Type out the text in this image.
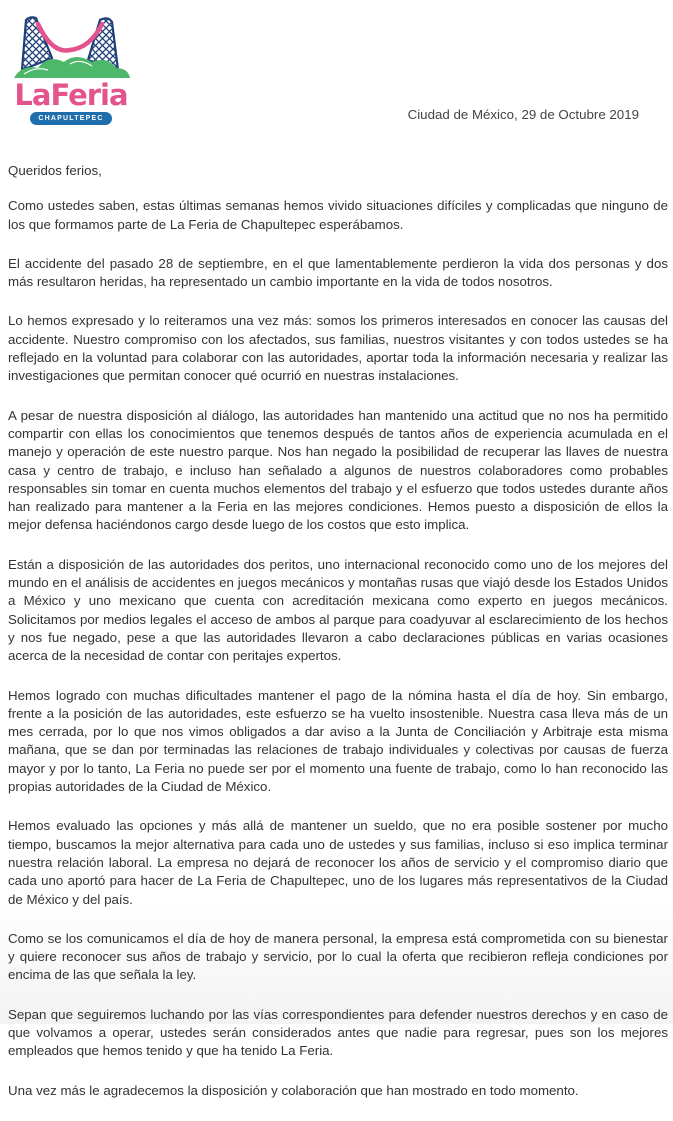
LaFeria
CHAPULTEPEC	Ciudad de México, 29 de Octubre 2019

Queridos ferios,

Como ustedes saben, estas últimas semanas hemos vivido situaciones difíciles y complicadas que ninguno de los que formamos parte de La Feria de Chapultepec esperábamos.

El accidente del pasado 28 de septiembre, en el que lamentablemente perdieron la vida dos personas y dos más resultaron heridas, ha representado un cambio importante en la vida de todos nosotros.

Lo hemos expresado y lo reiteramos una vez más: somos los primeros interesados en conocer las causas del accidente. Nuestro compromiso con los afectados, sus familias, nuestros visitantes y con todos ustedes se ha reflejado en la voluntad para colaborar con las autoridades, aportar toda la información necesaria y realizar las investigaciones que permitan conocer qué ocurrió en nuestras instalaciones.

A pesar de nuestra disposición al diálogo, las autoridades han mantenido una actitud que no nos ha permitido compartir con ellas los conocimientos que tenemos después de tantos años de experiencia acumulada en el manejo y operación de este nuestro parque. Nos han negado la posibilidad de recuperar las llaves de nuestra casa y centro de trabajo, e incluso han señalado a algunos de nuestros colaboradores como probables responsables sin tomar en cuenta muchos elementos del trabajo y el esfuerzo que todos ustedes durante años han realizado para mantener a la Feria en las mejores condiciones. Hemos puesto a disposición de ellos la mejor defensa haciéndonos cargo desde luego de los costos que esto implica.

Están a disposición de las autoridades dos peritos, uno internacional reconocido como uno de los mejores del mundo en el análisis de accidentes en juegos mecánicos y montañas rusas que viajó desde los Estados Unidos a México y uno mexicano que cuenta con acreditación mexicana como experto en juegos mecánicos. Solicitamos por medios legales el acceso de ambos al parque para coadyuvar al esclarecimiento de los hechos y nos fue negado, pese a que las autoridades llevaron a cabo declaraciones públicas en varias ocasiones acerca de la necesidad de contar con peritajes expertos.

Hemos logrado con muchas dificultades mantener el pago de la nómina hasta el día de hoy. Sin embargo, frente a la posición de las autoridades, este esfuerzo se ha vuelto insostenible. Nuestra casa lleva más de un mes cerrada, por lo que nos vimos obligados a dar aviso a la Junta de Conciliación y Arbitraje esta misma mañana, que se dan por terminadas las relaciones de trabajo individuales y colectivas por causas de fuerza mayor y por lo tanto, La Feria no puede ser por el momento una fuente de trabajo, como lo han reconocido las propias autoridades de la Ciudad de México.

Hemos evaluado las opciones y más allá de mantener un sueldo, que no era posible sostener por mucho tiempo, buscamos la mejor alternativa para cada uno de ustedes y sus familias, incluso si eso implica terminar nuestra relación laboral. La empresa no dejará de reconocer los años de servicio y el compromiso diario que cada uno aportó para hacer de La Feria de Chapultepec, uno de los lugares más representativos de la Ciudad de México y del país.

Como se los comunicamos el día de hoy de manera personal, la empresa está comprometida con su bienestar y quiere reconocer sus años de trabajo y servicio, por lo cual la oferta que recibieron refleja condiciones por encima de las que señala la ley.

Sepan que seguiremos luchando por las vías correspondientes para defender nuestros derechos y en caso de que volvamos a operar, ustedes serán considerados antes que nadie para regresar, pues son los mejores empleados que hemos tenido y que ha tenido La Feria.

Una vez más le agradecemos la disposición y colaboración que han mostrado en todo momento.
